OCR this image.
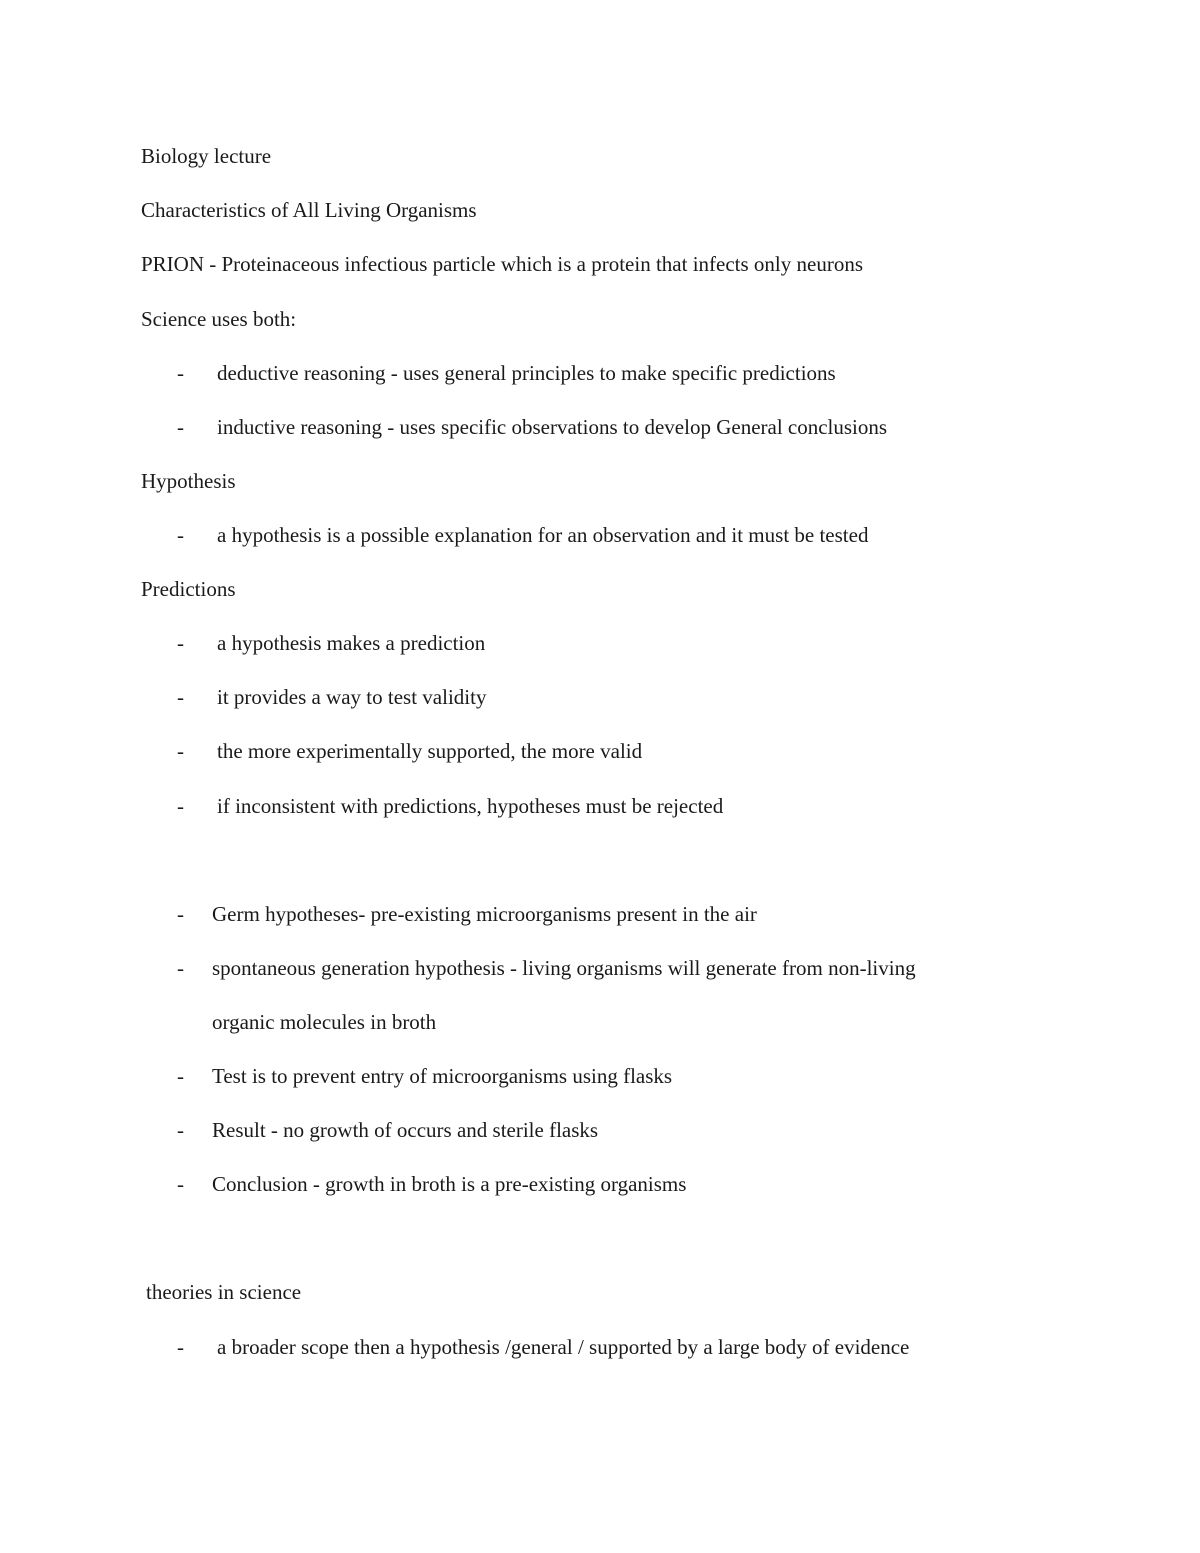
Biology lecture
Characteristics of All Living Organisms
PRION - Proteinaceous infectious particle which is a protein that infects only neurons
Science uses both:
- deductive reasoning - uses general principles to make specific predictions
- inductive reasoning - uses specific observations to develop General conclusions
Hypothesis
- a hypothesis is a possible explanation for an observation and it must be tested
Predictions
- a hypothesis makes a prediction
- it provides a way to test validity
- the more experimentally supported, the more valid
- if inconsistent with predictions, hypotheses must be rejected
- Germ hypotheses- pre-existing microorganisms present in the air
- spontaneous generation hypothesis - living organisms will generate from non-living
organic molecules in broth
- Test is to prevent entry of microorganisms using flasks
- Result - no growth of occurs and sterile flasks
- Conclusion - growth in broth is a pre-existing organisms
theories in science
- a broader scope then a hypothesis /general / supported by a large body of evidence
